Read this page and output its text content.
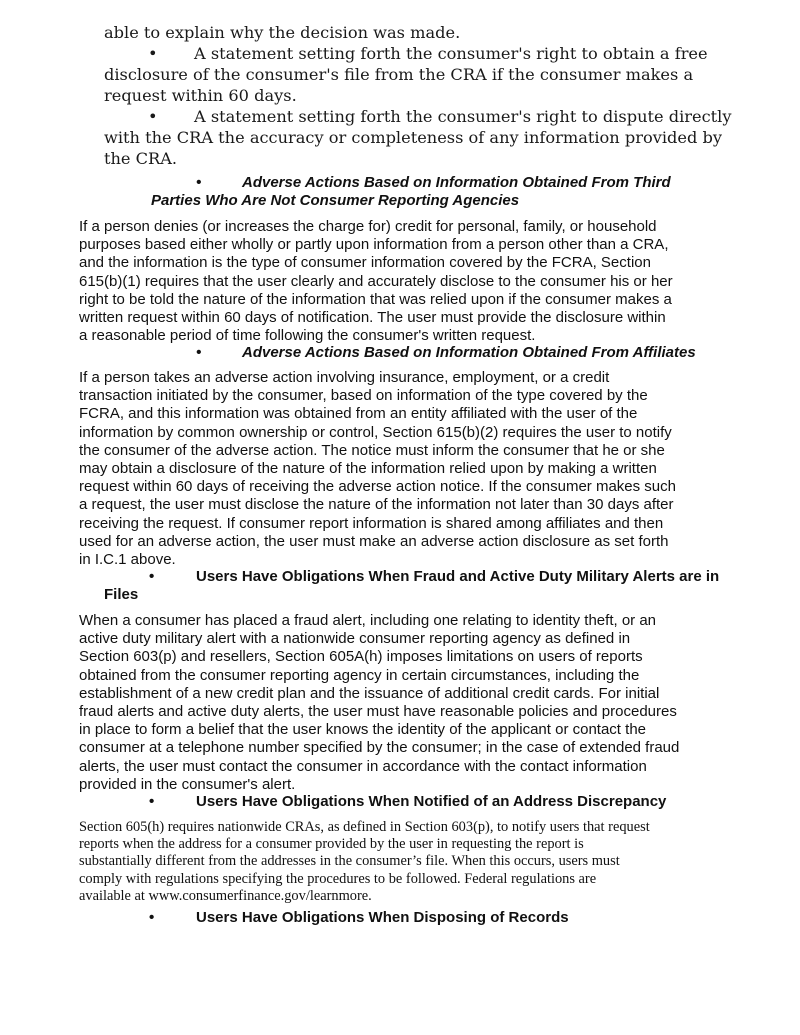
able to explain why the decision was made.
• A statement setting forth the consumer's right to obtain a free
disclosure of the consumer's file from the CRA if the consumer makes a
request within 60 days.
• A statement setting forth the consumer's right to dispute directly
with the CRA the accuracy or completeness of any information provided by
the CRA.
•	Adverse Actions Based on Information Obtained From Third
Parties Who Are Not Consumer Reporting Agencies
If a person denies (or increases the charge for) credit for personal, family, or household
purposes based either wholly or partly upon information from a person other than a CRA,
and the information is the type of consumer information covered by the FCRA, Section
615(b)(1) requires that the user clearly and accurately disclose to the consumer his or her
right to be told the nature of the information that was relied upon if the consumer makes a
written request within 60 days of notification. The user must provide the disclosure within
a reasonable period of time following the consumer's written request.
•	Adverse Actions Based on Information Obtained From Affiliates
If a person takes an adverse action involving insurance, employment, or a credit
transaction initiated by the consumer, based on information of the type covered by the
FCRA, and this information was obtained from an entity affiliated with the user of the
information by common ownership or control, Section 615(b)(2) requires the user to notify
the consumer of the adverse action. The notice must inform the consumer that he or she
may obtain a disclosure of the nature of the information relied upon by making a written
request within 60 days of receiving the adverse action notice. If the consumer makes such
a request, the user must disclose the nature of the information not later than 30 days after
receiving the request. If consumer report information is shared among affiliates and then
used for an adverse action, the user must make an adverse action disclosure as set forth
in I.C.1 above.
•	Users Have Obligations When Fraud and Active Duty Military Alerts are in
Files
When a consumer has placed a fraud alert, including one relating to identity theft, or an
active duty military alert with a nationwide consumer reporting agency as defined in
Section 603(p) and resellers, Section 605A(h) imposes limitations on users of reports
obtained from the consumer reporting agency in certain circumstances, including the
establishment of a new credit plan and the issuance of additional credit cards. For initial
fraud alerts and active duty alerts, the user must have reasonable policies and procedures
in place to form a belief that the user knows the identity of the applicant or contact the
consumer at a telephone number specified by the consumer; in the case of extended fraud
alerts, the user must contact the consumer in accordance with the contact information
provided in the consumer's alert.
•	Users Have Obligations When Notified of an Address Discrepancy
Section 605(h) requires nationwide CRAs, as defined in Section 603(p), to notify users that request
reports when the address for a consumer provided by the user in requesting the report is
substantially different from the addresses in the consumer’s file. When this occurs, users must
comply with regulations specifying the procedures to be followed. Federal regulations are
available at www.consumerfinance.gov/learnmore.
•	Users Have Obligations When Disposing of Records
